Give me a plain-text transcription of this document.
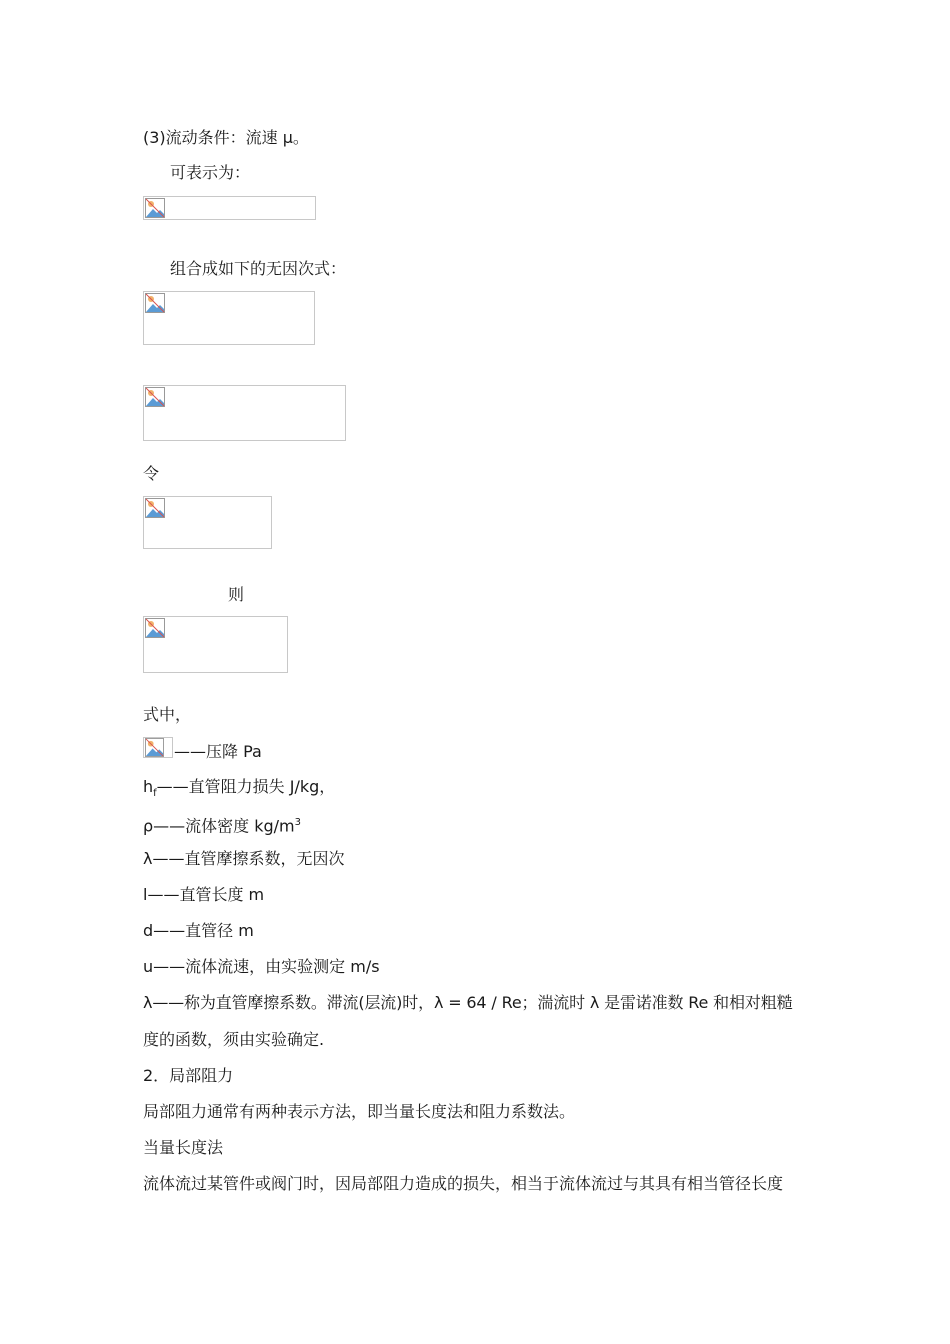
(3)流动条件：流速 μ。
可表示为：
组合成如下的无因次式：
令
则
式中，
——压降 Pa
$h_f——$直管阻力损失 J/kg，
ρ——流体密度 $kg/m^3$
λ——直管摩擦系数，无因次
l——直管长度 m
d——直管径 m
u——流体流速，由实验测定 m/s
λ——称为直管摩擦系数。滞流(层流)时，λ = 64 / Re；湍流时 λ 是雷诺准数 Re 和相对粗糙
度的函数，须由实验确定.
2．局部阻力
局部阻力通常有两种表示方法，即当量长度法和阻力系数法。
当量长度法
流体流过某管件或阀门时，因局部阻力造成的损失，相当于流体流过与其具有相当管径长度
